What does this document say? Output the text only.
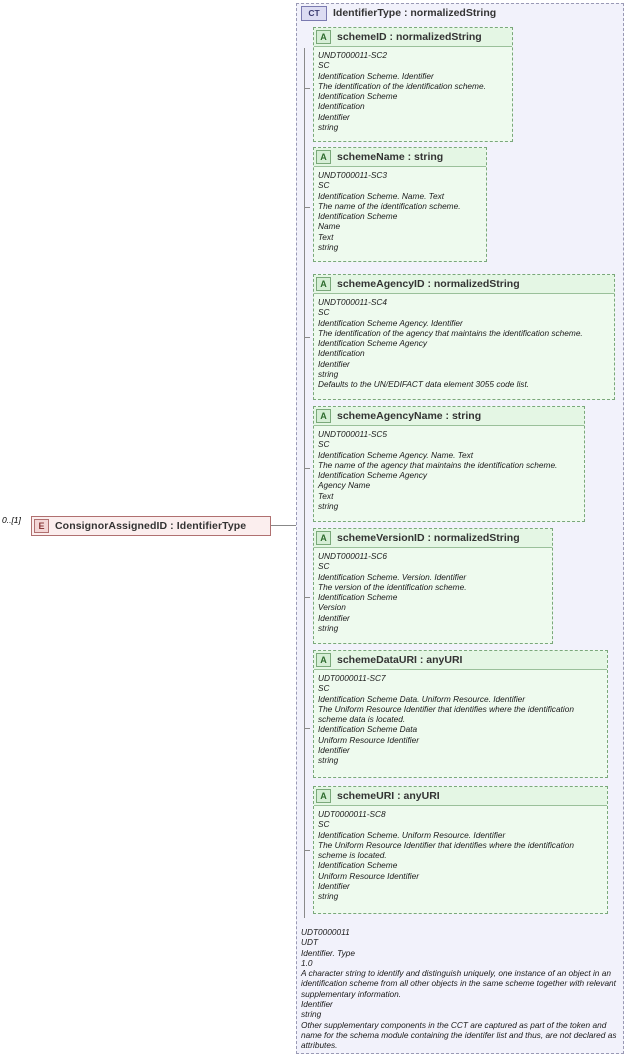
CT	IdentifierType : normalizedString
0..[1]
E	ConsignorAssignedID : IdentifierType
A schemeID : normalizedString
UNDT000011-SC2
SC
Identification Scheme. Identifier
The identification of the identification scheme.
Identification Scheme
Identification
Identifier
string
A schemeName : string
UNDT000011-SC3
SC
Identification Scheme. Name. Text
The name of the identification scheme.
Identification Scheme
Name
Text
string
A schemeAgencyID : normalizedString
UNDT000011-SC4
SC
Identification Scheme Agency. Identifier
The identification of the agency that maintains the identification scheme.
Identification Scheme Agency
Identification
Identifier
string
Defaults to the UN/EDIFACT data element 3055 code list.
A schemeAgencyName : string
UNDT000011-SC5
SC
Identification Scheme Agency. Name. Text
The name of the agency that maintains the identification scheme.
Identification Scheme Agency
Agency Name
Text
string
A schemeVersionID : normalizedString
UNDT000011-SC6
SC
Identification Scheme. Version. Identifier
The version of the identification scheme.
Identification Scheme
Version
Identifier
string
A schemeDataURI : anyURI
UDT0000011-SC7
SC
Identification Scheme Data. Uniform Resource. Identifier
The Uniform Resource Identifier that identifies where the identification scheme data is located.
Identification Scheme Data
Uniform Resource Identifier
Identifier
string
A schemeURI : anyURI
UDT0000011-SC8
SC
Identification Scheme. Uniform Resource. Identifier
The Uniform Resource Identifier that identifies where the identification scheme is located.
Identification Scheme
Uniform Resource Identifier
Identifier
string
UDT0000011
UDT
Identifier. Type
1.0
A character string to identify and distinguish uniquely, one instance of an object in an identification scheme from all other objects in the same scheme together with relevant supplementary information.
Identifier
string
Other supplementary components in the CCT are captured as part of the token and name for the schema module containing the identifer list and thus, are not declared as attributes.
